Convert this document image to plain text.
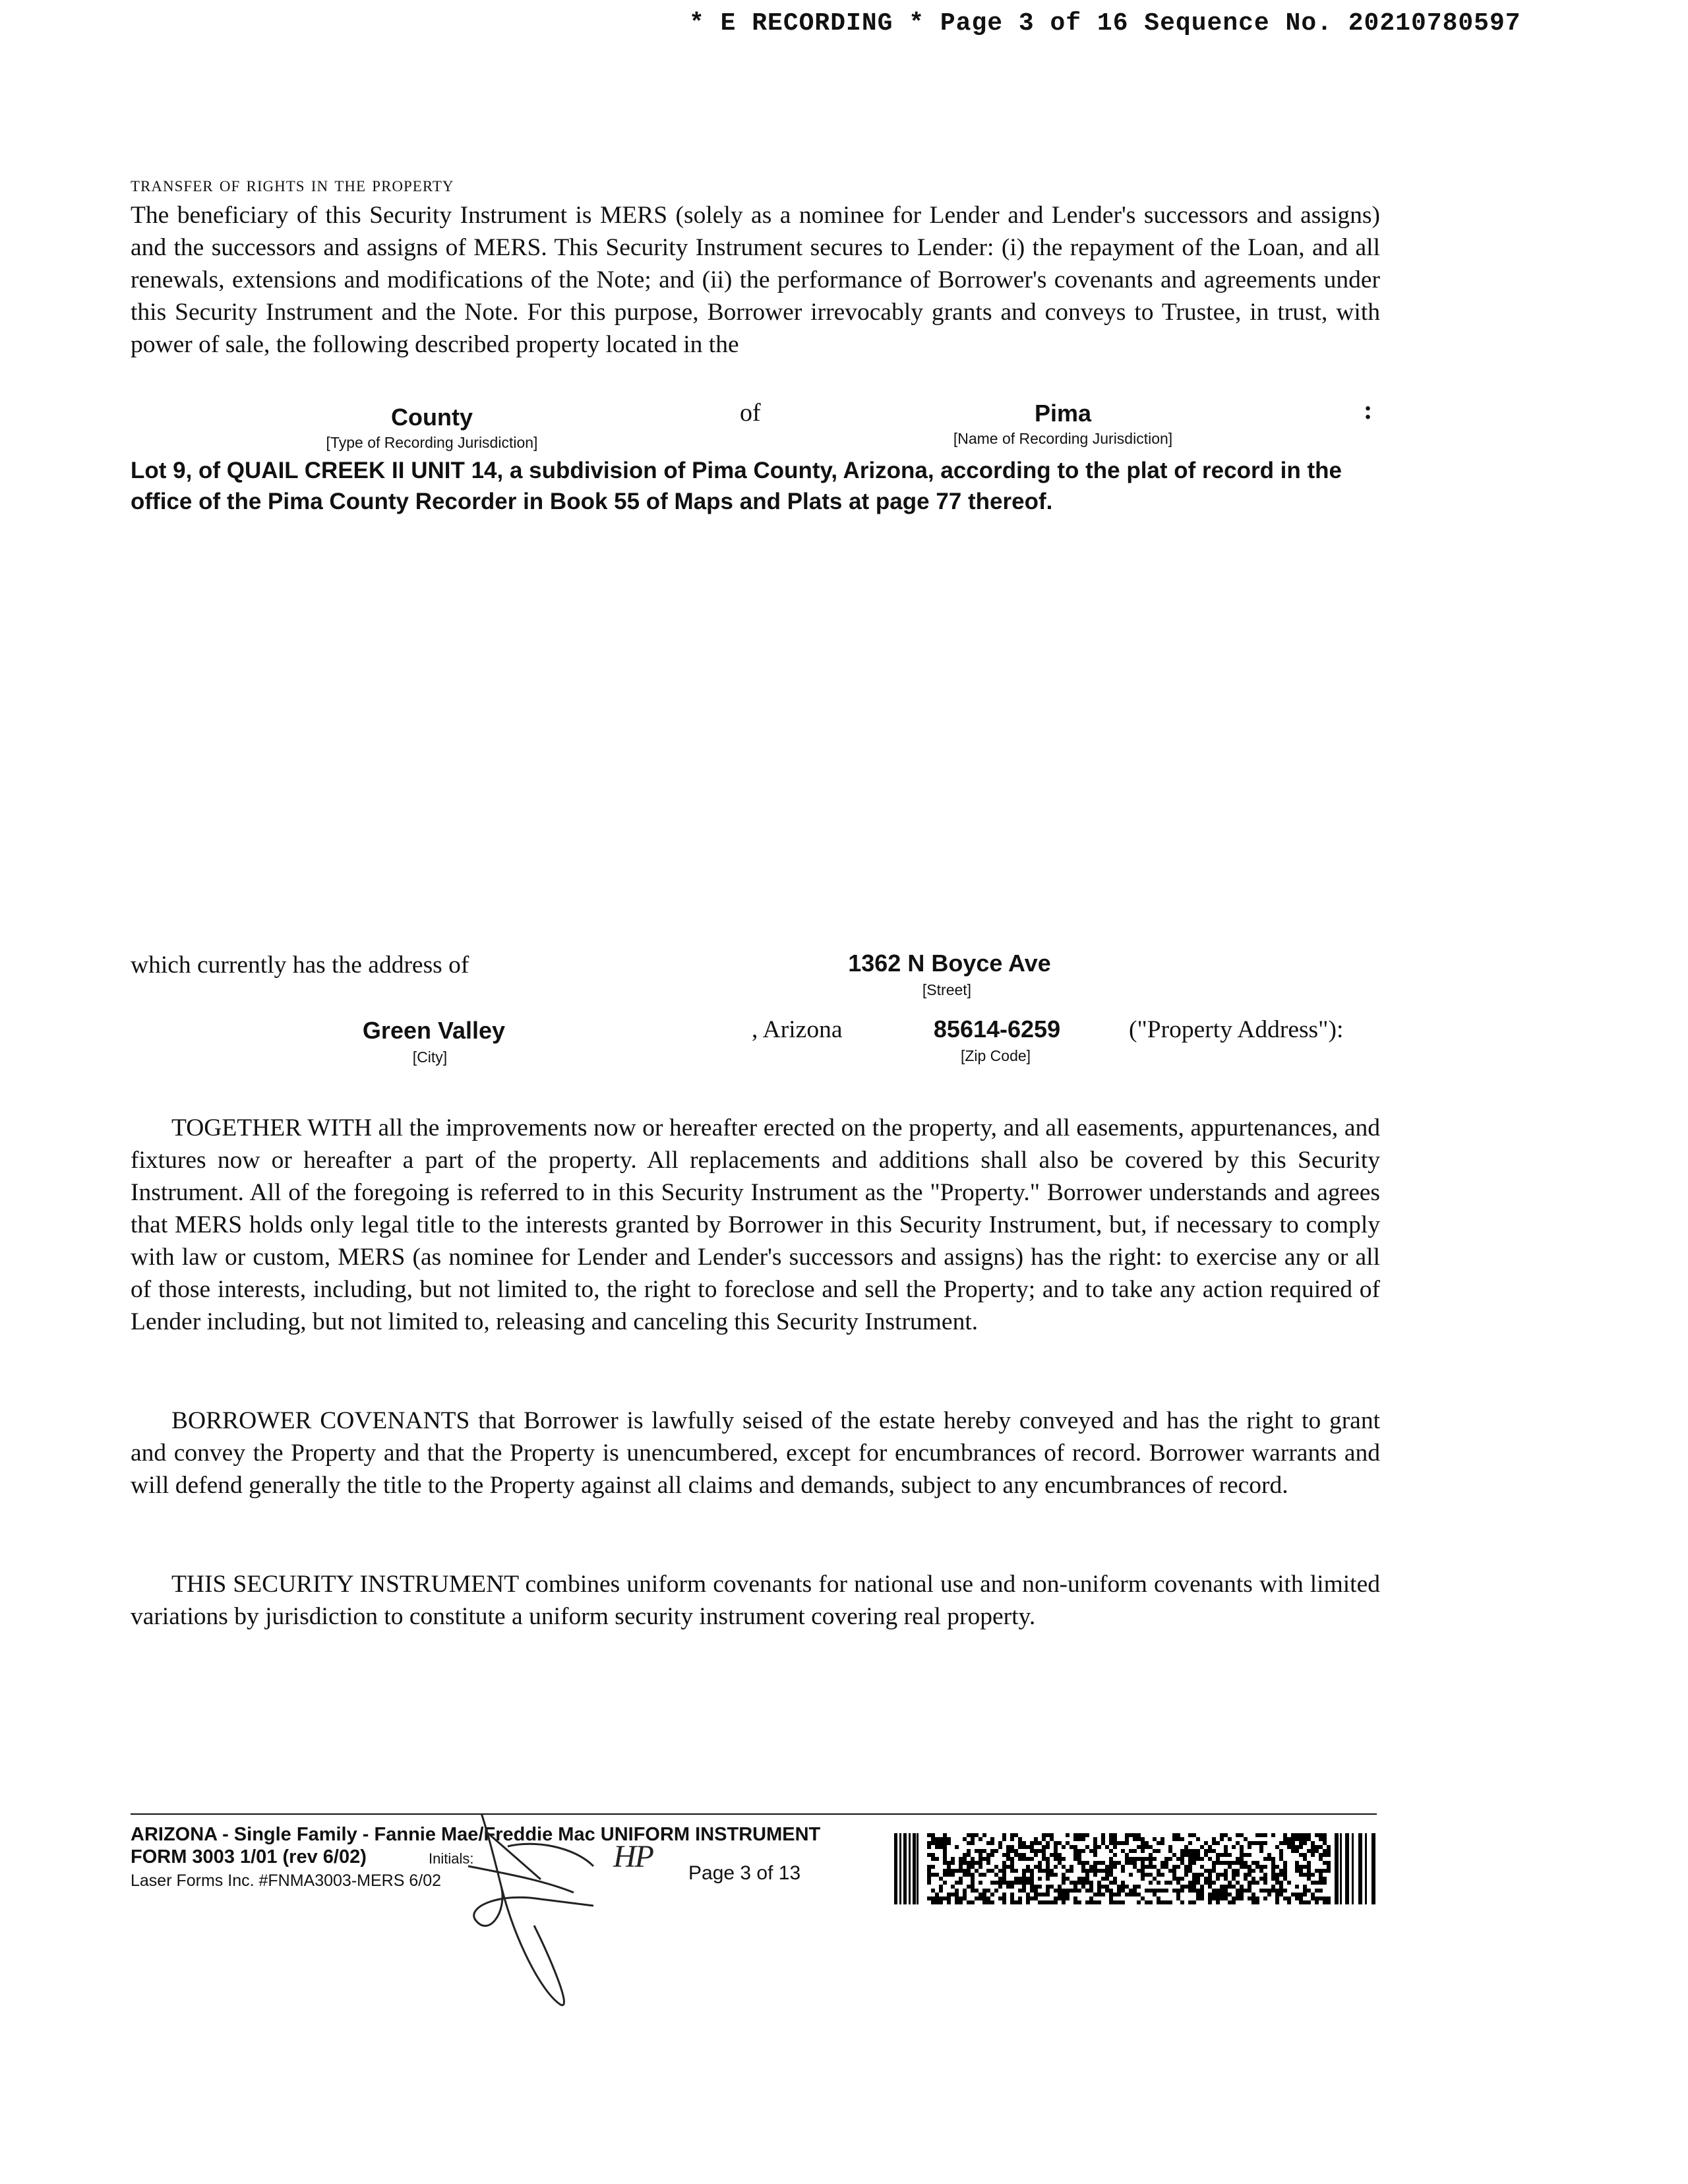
* E RECORDING * Page 3 of 16 Sequence No. 20210780597
transfer of rights in the property
The beneficiary of this Security Instrument is MERS (solely as a nominee for Lender and Lender's successors and assigns) and the successors and assigns of MERS. This Security Instrument secures to Lender: (i) the repayment of the Loan, and all renewals, extensions and modifications of the Note; and (ii) the performance of Borrower's covenants and agreements under this Security Instrument and the Note. For this purpose, Borrower irrevocably grants and conveys to Trustee, in trust, with power of sale, the following described property located in the
County
[Type of Recording Jurisdiction]
of	Pima
[Name of Recording Jurisdiction]
:
Lot 9, of QUAIL CREEK II UNIT 14, a subdivision of Pima County, Arizona, according to the plat of record in the office of the Pima County Recorder in Book 55 of Maps and Plats at page 77 thereof.
which currently has the address of	1362 N Boyce Ave
[Street]
Green Valley
[City]
, Arizona	85614-6259
[Zip Code]
("Property Address"):
TOGETHER WITH all the improvements now or hereafter erected on the property, and all easements, appurtenances, and fixtures now or hereafter a part of the property. All replacements and additions shall also be covered by this Security Instrument. All of the foregoing is referred to in this Security Instrument as the "Property." Borrower understands and agrees that MERS holds only legal title to the interests granted by Borrower in this Security Instrument, but, if necessary to comply with law or custom, MERS (as nominee for Lender and Lender's successors and assigns) has the right: to exercise any or all of those interests, including, but not limited to, the right to foreclose and sell the Property; and to take any action required of Lender including, but not limited to, releasing and canceling this Security Instrument.
BORROWER COVENANTS that Borrower is lawfully seised of the estate hereby conveyed and has the right to grant and convey the Property and that the Property is unencumbered, except for encumbrances of record. Borrower warrants and will defend generally the title to the Property against all claims and demands, subject to any encumbrances of record.
THIS SECURITY INSTRUMENT combines uniform covenants for national use and non-uniform covenants with limited variations by jurisdiction to constitute a uniform security instrument covering real property.
ARIZONA - Single Family - Fannie Mae/Freddie Mac UNIFORM INSTRUMENT
FORM 3003 1/01 (rev 6/02)	Initials:	HP
Laser Forms Inc. #FNMA3003-MERS 6/02	Page 3 of 13
